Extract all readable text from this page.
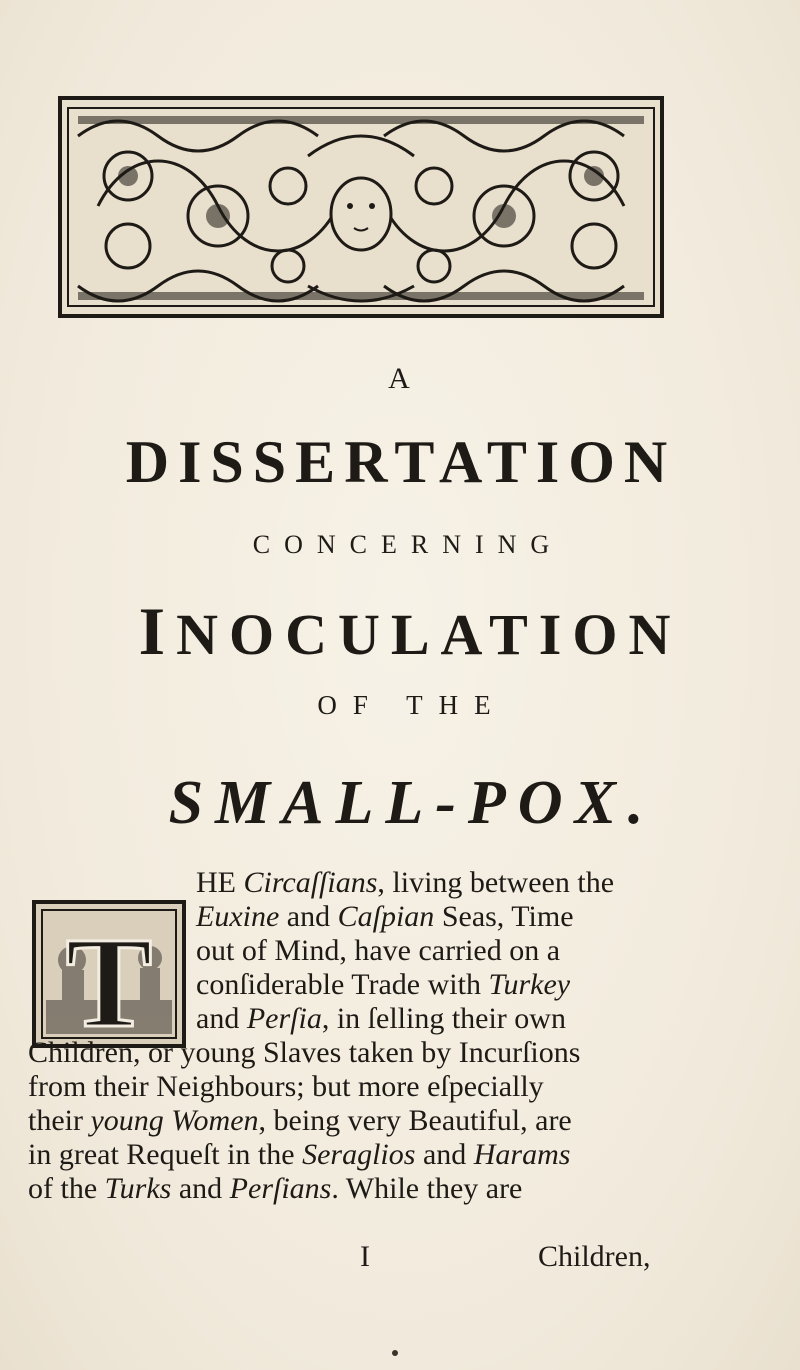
A
DISSERTATION
CONCERNING
INOCULATION
OF THE
SMALL-POX.
T
HE Circaſſians, living between the
Euxine and Caſpian Seas, Time
out of Mind, have carried on a
conſiderable Trade with Turkey
and Perſia, in ſelling their own
Children, or young Slaves taken by Incurſions
from their Neighbours; but more eſpecially
their young Women, being very Beautiful, are
in great Requeſt in the Seraglios and Harams
of the Turks and Perſians. While they are
I	Children,
